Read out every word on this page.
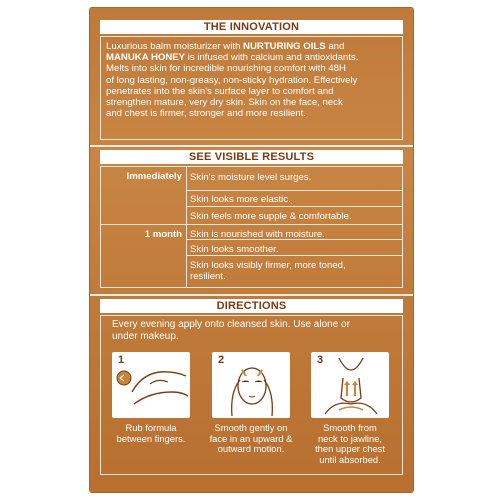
THE INNOVATION
Luxurious balm moisturizer with NURTURING OILS and
MANUKA HONEY is infused with calcium and antioxidants.
Melts into skin for incredible nourishing comfort with 48H
of long lasting, non-greasy, non-sticky hydration. Effectively
penetrates into the skin's surface layer to comfort and
strengthen mature, very dry skin. Skin on the face, neck
and chest is firmer, stronger and more resilient.
SEE VISIBLE RESULTS
Immediately Skin's moisture level surges.
Skin looks more elastic.
Skin feels more supple & comfortable.
1 month Skin is nourished with moisture.
Skin looks smoother.
Skin looks visibly firmer, more toned,
resilient.
DIRECTIONS
Every evening apply onto cleansed skin. Use alone or
under makeup.
1	2	3
Rub formula
between fingers.
Smooth gently on
face in an upward &
outward motion.
Smooth from
neck to jawline,
then upper chest
until absorbed.
